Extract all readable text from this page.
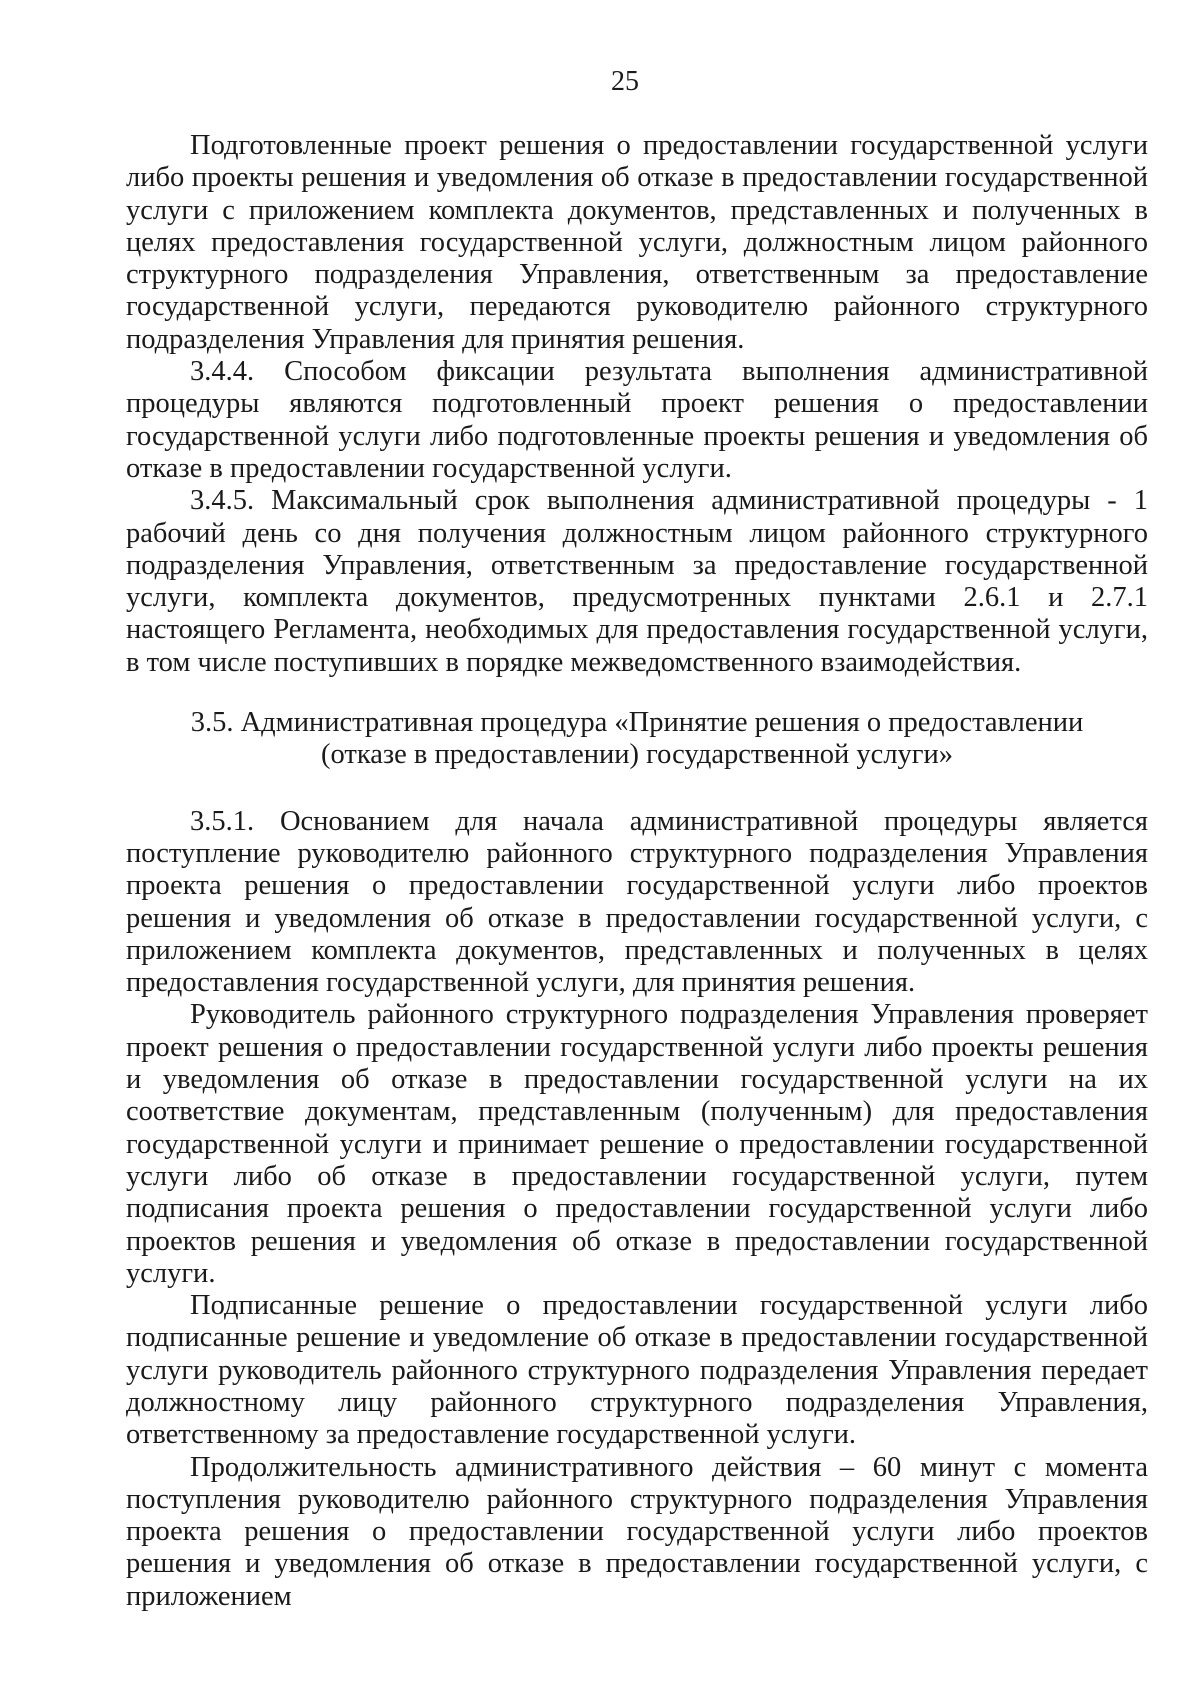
25

Подготовленные проект решения о предоставлении государственной услуги либо проекты решения и уведомления об отказе в предоставлении государственной услуги с приложением комплекта документов, представленных и полученных в целях предоставления государственной услуги, должностным лицом районного структурного подразделения Управления, ответственным за предоставление государственной услуги, передаются руководителю районного структурного подразделения Управления для принятия решения.

3.4.4. Способом фиксации результата выполнения административной процедуры являются подготовленный проект решения о предоставлении государственной услуги либо подготовленные проекты решения и уведомления об отказе в предоставлении государственной услуги.

3.4.5. Максимальный срок выполнения административной процедуры - 1 рабочий день со дня получения должностным лицом районного структурного подразделения Управления, ответственным за предоставление государственной услуги, комплекта документов, предусмотренных пунктами 2.6.1 и 2.7.1 настоящего Регламента, необходимых для предоставления государственной услуги, в том числе поступивших в порядке межведомственного взаимодействия.

3.5. Административная процедура «Принятие решения о предоставлении
(отказе в предоставлении) государственной услуги»

3.5.1. Основанием для начала административной процедуры является поступление руководителю районного структурного подразделения Управления проекта решения о предоставлении государственной услуги либо проектов решения и уведомления об отказе в предоставлении государственной услуги, с приложением комплекта документов, представленных и полученных в целях предоставления государственной услуги, для принятия решения.

Руководитель районного структурного подразделения Управления проверяет проект решения о предоставлении государственной услуги либо проекты решения и уведомления об отказе в предоставлении государственной услуги на их соответствие документам, представленным (полученным) для предоставления государственной услуги и принимает решение о предоставлении государственной услуги либо об отказе в предоставлении государственной услуги, путем подписания проекта решения о предоставлении государственной услуги либо проектов решения и уведомления об отказе в предоставлении государственной услуги.

Подписанные решение о предоставлении государственной услуги либо подписанные решение и уведомление об отказе в предоставлении государственной услуги руководитель районного структурного подразделения Управления передает должностному лицу районного структурного подразделения Управления, ответственному за предоставление государственной услуги.

Продолжительность административного действия – 60 минут с момента поступления руководителю районного структурного подразделения Управления проекта решения о предоставлении государственной услуги либо проектов решения и уведомления об отказе в предоставлении государственной услуги, с приложением
